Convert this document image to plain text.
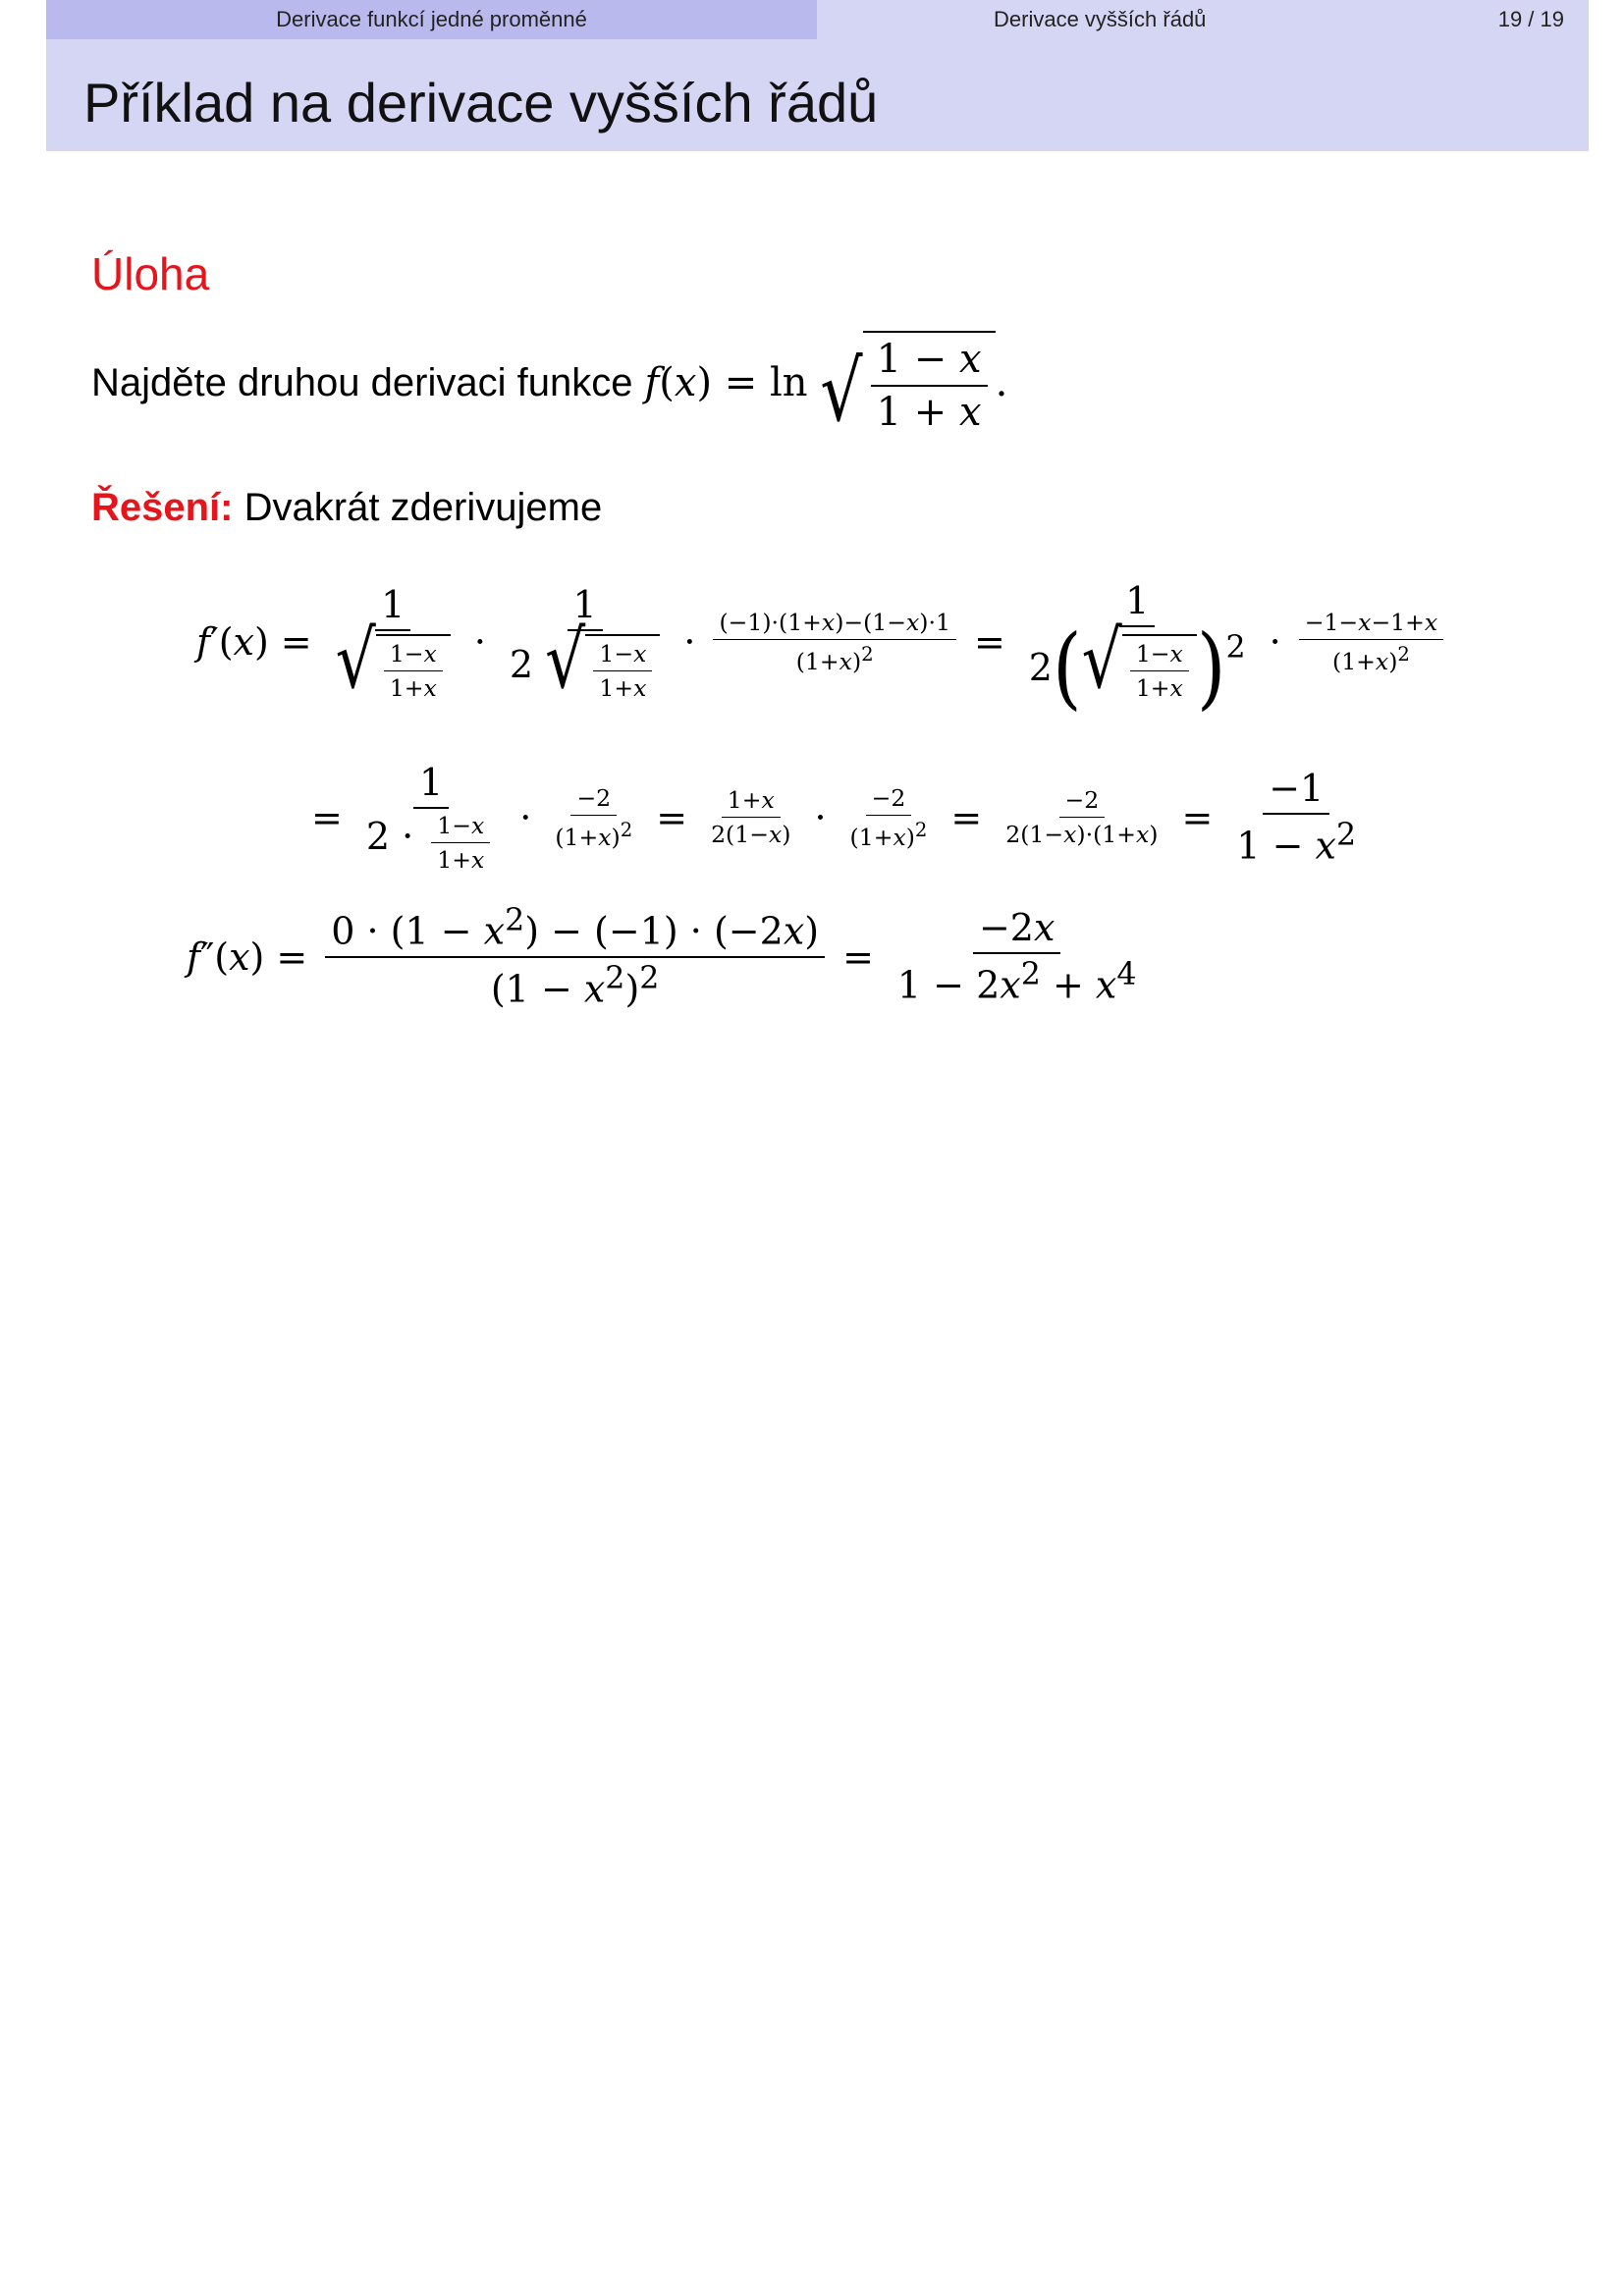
Derivace funkcí jedné proměnné	Derivace vyšších řádů	19 / 19
Příklad na derivace vyšších řádů
Úloha
Najděte druhou derivaci funkce f ( x ) = ln √ $\frac{1 - x}{1 + x}$ .
Řešení: Dvakrát zderivujeme
$f'(x) = \frac{1}{√ \frac{1-x}{1+x}} \cdot \frac{1}{2 √ \frac{1-x}{1+x}} \cdot \frac{(-1)\cdot(1+x)-(1-x)\cdot 1}{(1+x)^2} = \frac{1}{2 ( √ \frac{1-x}{1+x} )^2} \cdot \frac{-1-x-1+x}{(1+x)^2}$
= $\frac{1}{2 \cdot \frac{1-x}{1+x}} \cdot \frac{-2}{(1+x)^2} = \frac{1+x}{2(1-x)} \cdot \frac{-2}{(1+x)^2} = \frac{-2}{2(1-x)\cdot(1+x)} = \frac{-1}{1 - x^2}$
$f''(x) = \frac{0 \cdot (1 - x^2) - (-1) \cdot (-2x)}{(1 - x^2)^2} = \frac{-2x}{1 - 2x^2 + x^4}$
